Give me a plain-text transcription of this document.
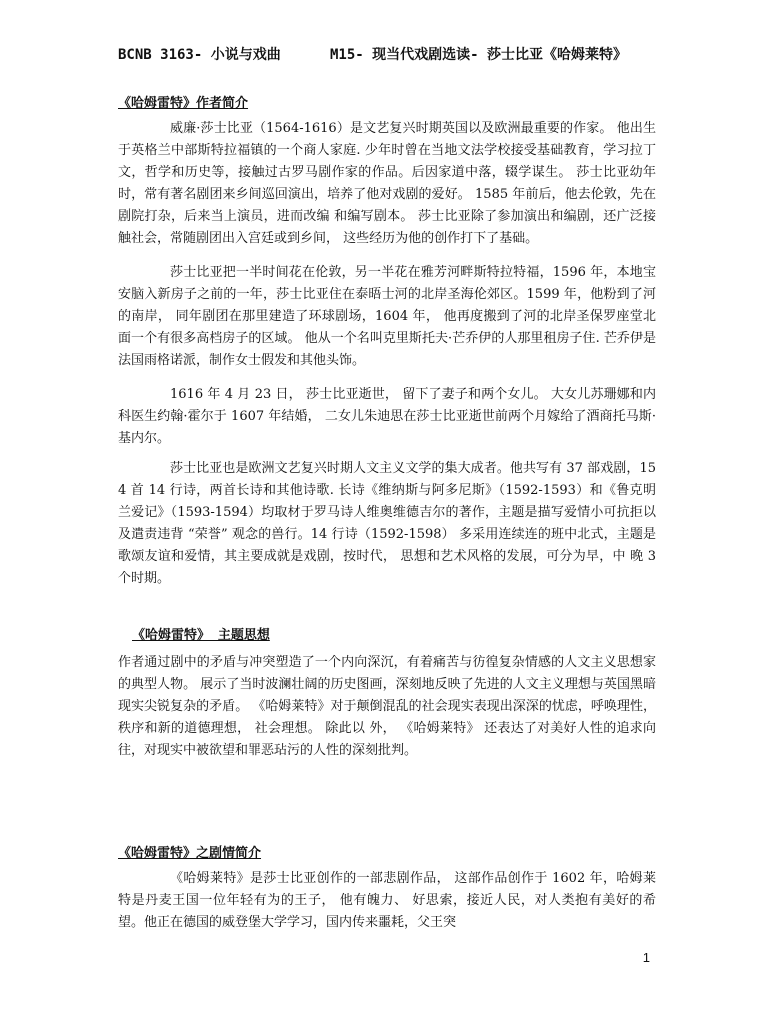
BCNB 3163- 小说与戏曲	M15- 现当代戏剧选读- 莎士比亚《哈姆莱特》
《哈姆雷特》作者简介

威廉·莎士比亚（1564-1616）是文艺复兴时期英国以及欧洲最重要的作家。 他出生于英格兰中部斯特拉福镇的一个商人家庭. 少年时曾在当地文法学校接受基础教育，学习拉丁文，哲学和历史等，接触过古罗马剧作家的作品。后因家道中落，辍学谋生。 莎士比亚幼年时，常有著名剧团来乡间巡回演出，培养了他对戏剧的爱好。 1585 年前后，他去伦敦，先在剧院打杂，后来当上演员，进而改编 和编写剧本。 莎士比亚除了参加演出和编剧，还广泛接触社会，常随剧团出入宫廷或到乡间， 这些经历为他的创作打下了基础。

莎士比亚把一半时间花在伦敦，另一半花在雅芳河畔斯特拉特福，1596 年，本地宝安脑入新房子之前的一年，莎士比亚住在泰晤士河的北岸圣海伦郊区。1599 年，他粉到了河的南岸， 同年剧团在那里建造了环球剧场，1604 年， 他再度搬到了河的北岸圣保罗座堂北面一个有很多高档房子的区域。 他从一个名叫克里斯托夫·芒乔伊的人那里租房子住. 芒乔伊是法国雨格诺派，制作女士假发和其他头饰。

1616 年 4 月 23 日， 莎士比亚逝世， 留下了妻子和两个女儿。 大女儿苏珊娜和内科医生约翰·霍尔于 1607 年结婚， 二女儿朱迪思在莎士比亚逝世前两个月嫁给了酒商托马斯·基内尔。

莎士比亚也是欧洲文艺复兴时期人文主义文学的集大成者。他共写有 37 部戏剧，154 首 14 行诗，两首长诗和其他诗歌. 长诗《维纳斯与阿多尼斯》（1592-1593）和《鲁克明兰爱记》（1593-1594）均取材于罗马诗人维奥维德吉尔的著作，主题是描写爱情小可抗拒以及遣责违背 “荣誉” 观念的兽行。14 行诗（1592-1598） 多采用连续连的班中北式，主题是歌颂友谊和爱情，其主要成就是戏剧，按时代， 思想和艺术风格的发展，可分为早，中 晚 3 个时期。

《哈姆雷特》 主题思想

作者通过剧中的矛盾与冲突塑造了一个内向深沉，有着痛苦与彷徨复杂情感的人文主义思想家的典型人物。 展示了当时波澜壮阔的历史图画，深刻地反映了先进的人文主义理想与英国黑暗现实尖锐复杂的矛盾。 《哈姆莱特》对于颠倒混乱的社会现实表现出深深的忧虑，呼唤理性，秩序和新的道德理想， 社会理想。 除此以 外， 《哈姆莱特》 还表达了对美好人性的追求向往，对现实中被欲望和罪恶玷污的人性的深刻批判。

《哈姆雷特》之剧情简介

《哈姆莱特》是莎士比亚创作的一部悲剧作品， 这部作品创作于 1602 年，哈姆莱特是丹麦王国一位年轻有为的王子， 他有魄力、 好思索，接近人民，对人类抱有美好的希望。他正在德国的威登堡大学学习，国内传来噩耗，父王突

1
